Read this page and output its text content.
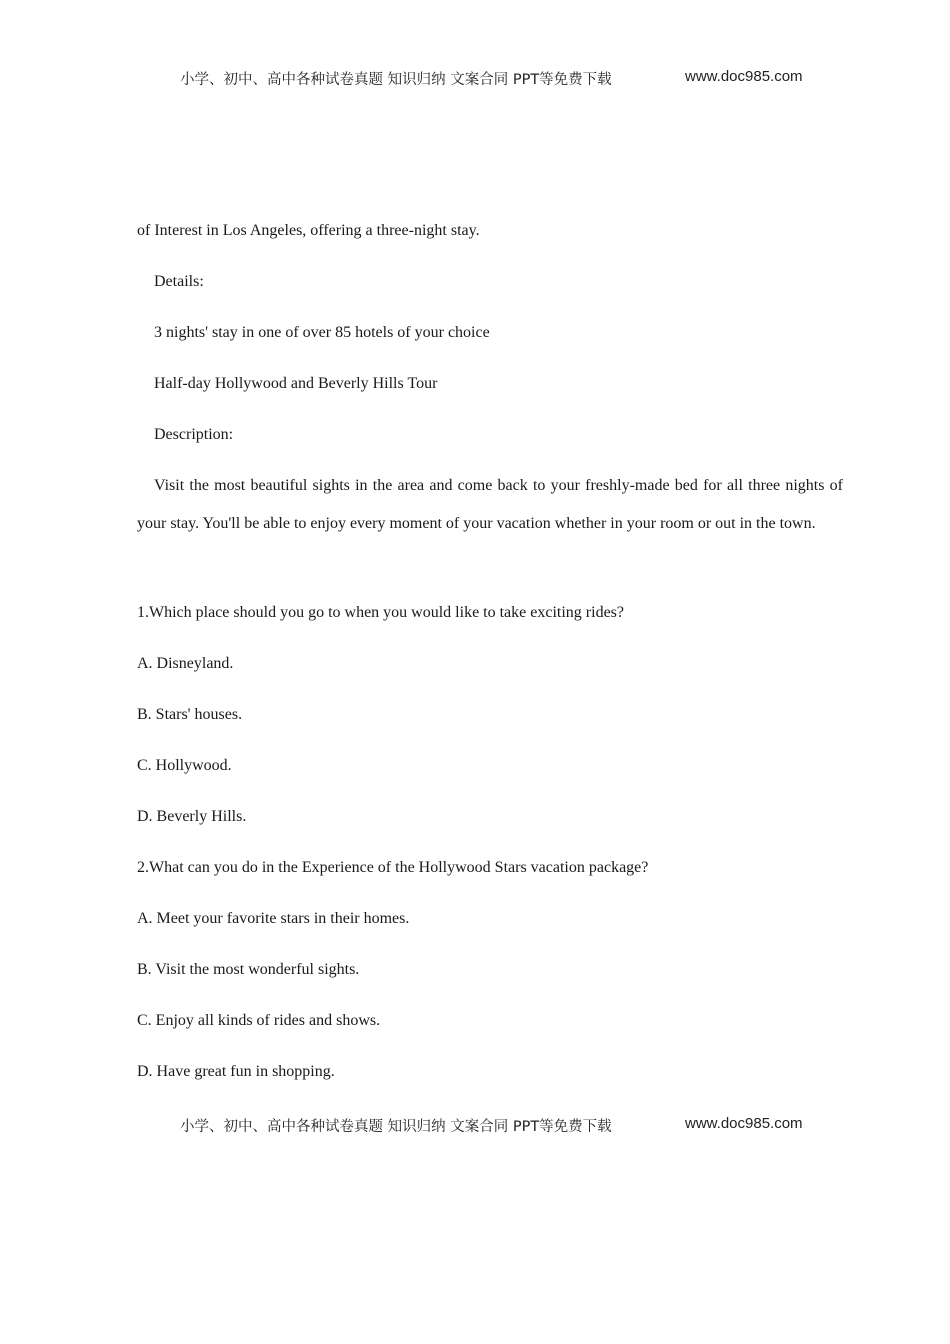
小学、初中、高中各种试卷真题 知识归纳 文案合同 PPT等免费下载	www.doc985.com
of Interest in Los Angeles, offering a three-night stay.
Details:
3 nights' stay in one of over 85 hotels of your choice
Half-day Hollywood and Beverly Hills Tour
Description:
Visit the most beautiful sights in the area and come back to your freshly-made bed for all three nights of your stay. You'll be able to enjoy every moment of your vacation whether in your room or out in the town.
1.Which place should you go to when you would like to take exciting rides?
A. Disneyland.
B. Stars' houses.
C. Hollywood.
D. Beverly Hills.
2.What can you do in the Experience of the Hollywood Stars vacation package?
A. Meet your favorite stars in their homes.
B. Visit the most wonderful sights.
C. Enjoy all kinds of rides and shows.
D. Have great fun in shopping.
小学、初中、高中各种试卷真题 知识归纳 文案合同 PPT等免费下载	www.doc985.com
